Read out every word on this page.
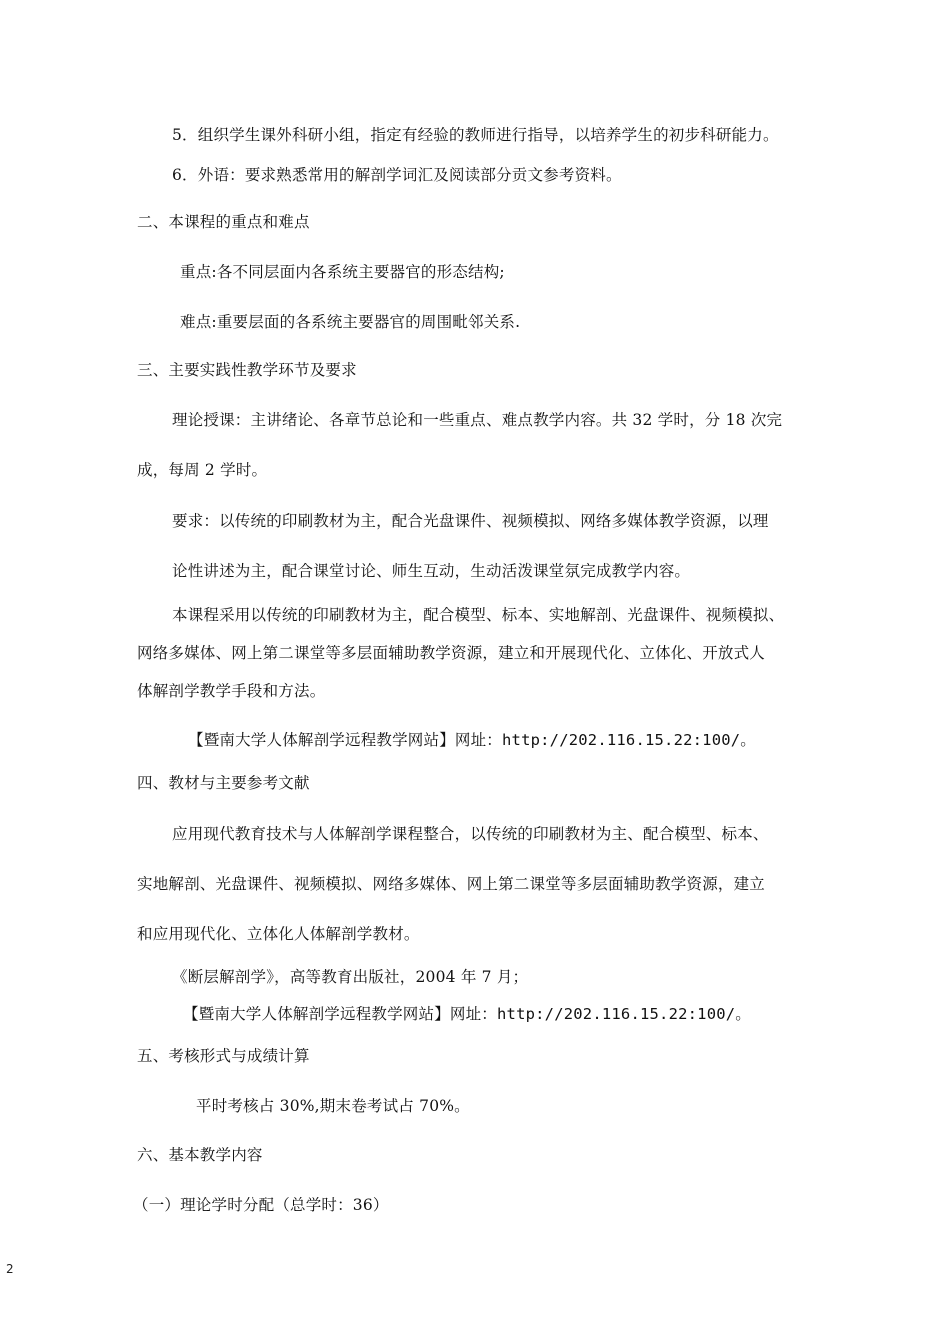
5．组织学生课外科研小组，指定有经验的教师进行指导，以培养学生的初步科研能力。
6．外语：要求熟悉常用的解剖学词汇及阅读部分贡文参考资料。
二、本课程的重点和难点
重点:各不同层面内各系统主要器官的形态结构;
难点:重要层面的各系统主要器官的周围毗邻关系.
三、主要实践性教学环节及要求
理论授课：主讲绪论、各章节总论和一些重点、难点教学内容。共 32 学时，分 18 次完
成，每周 2 学时。
要求：以传统的印刷教材为主，配合光盘课件、视频模拟、网络多媒体教学资源，以理
论性讲述为主，配合课堂讨论、师生互动，生动活泼课堂氛完成教学内容。
本课程采用以传统的印刷教材为主，配合模型、标本、实地解剖、光盘课件、视频模拟、
网络多媒体、网上第二课堂等多层面辅助教学资源，建立和开展现代化、立体化、开放式人
体解剖学教学手段和方法。
【暨南大学人体解剖学远程教学网站】网址：http://202.116.15.22:100/。
四、教材与主要参考文献
应用现代教育技术与人体解剖学课程整合，以传统的印刷教材为主、配合模型、标本、
实地解剖、光盘课件、视频模拟、网络多媒体、网上第二课堂等多层面辅助教学资源，建立
和应用现代化、立体化人体解剖学教材。
《断层解剖学》，高等教育出版社，2004 年 7 月；
【暨南大学人体解剖学远程教学网站】网址：http://202.116.15.22:100/。
五、考核形式与成绩计算
平时考核占 30%,期末卷考试占 70%。
六、基本教学内容
（一）理论学时分配（总学时：36）
2
